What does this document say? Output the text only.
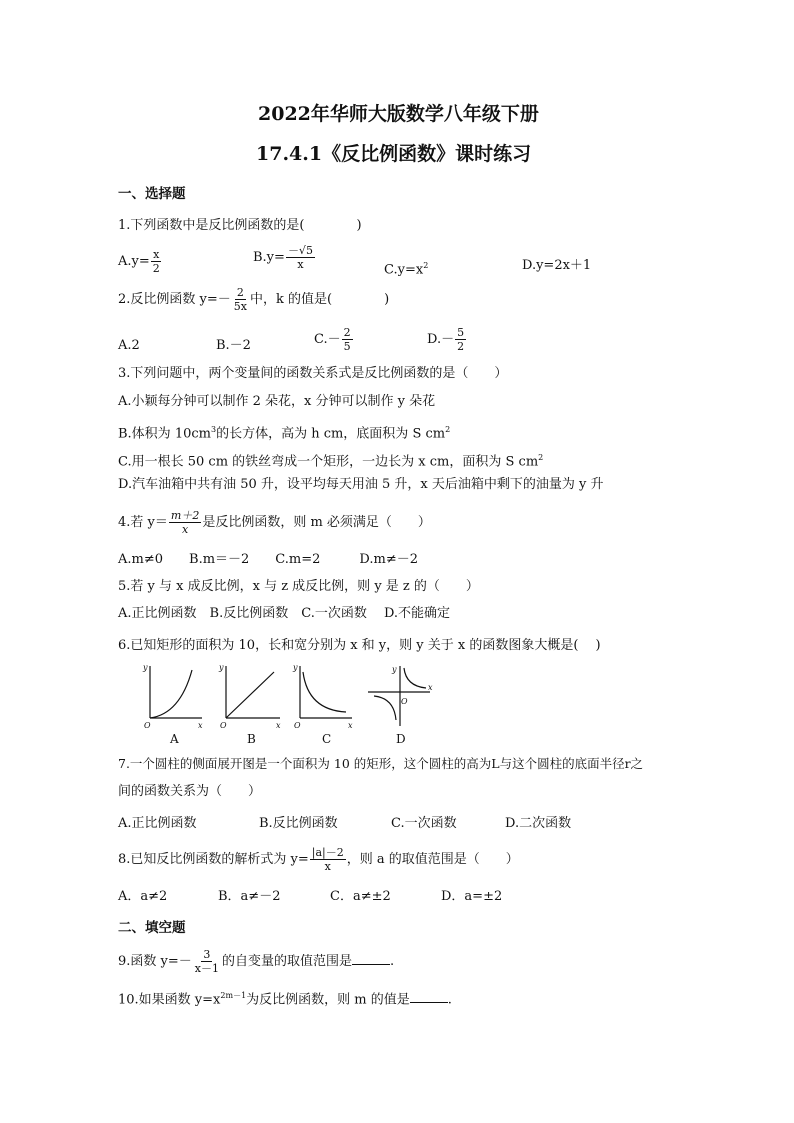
2022年华师大版数学八年级下册
17.4.1《反比例函数》课时练习
一、选择题
1.下列函数中是反比例函数的是(　　　　)
$A.y= \frac{x}{2}$	$B.y= \frac{-√5}{x}$	$C.y=x^2$	D.y=2x＋1
2.反比例函数 $y=- \frac{2}{5x}$ 中，k 的值是(　　　　)
A.2	B.－2	$C.- \frac{2}{5}$	$D.- \frac{5}{2}$
3.下列问题中，两个变量间的函数关系式是反比例函数的是（　　）
A.小颖每分钟可以制作 2 朵花，x 分钟可以制作 y 朵花
B.体积为 $10cm^3$的长方体，高为 h cm，底面积为 S $cm^2$
C.用一根长 50 cm 的铁丝弯成一个矩形，一边长为 x cm，面积为 S $cm^2$
D.汽车油箱中共有油 50 升，设平均每天用油 5 升，x 天后油箱中剩下的油量为 y 升
4.若 $y= \frac{m+2}{x}$ 是反比例函数，则 m 必须满足（　　）
A.m≠0　　B.m＝－2　　C.m=2　　　D.m≠－2
5.若 y 与 x 成反比例，x 与 z 成反比例，则 y 是 z 的（　　）
A.正比例函数　B.反比例函数　C.一次函数　 D.不能确定
6.已知矩形的面积为 10，长和宽分别为 x 和 y，则 y 关于 x 的函数图象大概是(　 )
y
O	x
y
O	x
y
O	x
y
O
x
A	B	C	D
7.一个圆柱的侧面展开图是一个面积为 10 的矩形，这个圆柱的高为L与这个圆柱的底面半径r之
间的函数关系为（　　）
A.正比例函数	B.反比例函数	C.一次函数	D.二次函数
8.已知反比例函数的解析式为 $y= \frac{|a|-2}{x}$ ，则 a 的取值范围是（　　）
A．a≠2	B．a≠－2	C．a≠±2	D．a=±2
二、填空题
9.函数 $y=- \frac{3}{x-1}$ 的自变量的取值范围是	.
10.如果函数 $y=x^{2m-1}$为反比例函数，则 m 的值是	.
